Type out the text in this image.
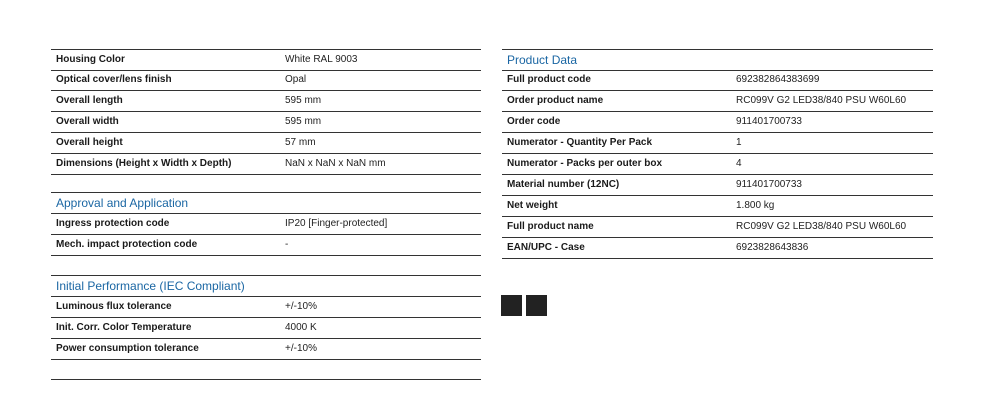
Housing Color	White RAL 9003
Optical cover/lens finish	Opal
Overall length	595 mm
Overall width	595 mm
Overall height	57 mm
Dimensions (Height x Width x Depth)	NaN x NaN x NaN mm
Approval and Application
Ingress protection code	IP20 [Finger-protected]
Mech. impact protection code	-
Initial Performance (IEC Compliant)
Luminous flux tolerance	+/-10%
Init. Corr. Color Temperature	4000 K
Power consumption tolerance	+/-10%
Product Data
Full product code	6923828643836​99
Order product name	RC099V G2 LED38/840 PSU W60L60
Order code	911401700733
Numerator - Quantity Per Pack	1
Numerator - Packs per outer box	4
Material number (12NC)	911401700733
Net weight	1.800 kg
Full product name	RC099V G2 LED38/840 PSU W60L60
EAN/UPC - Case	6923828643836
